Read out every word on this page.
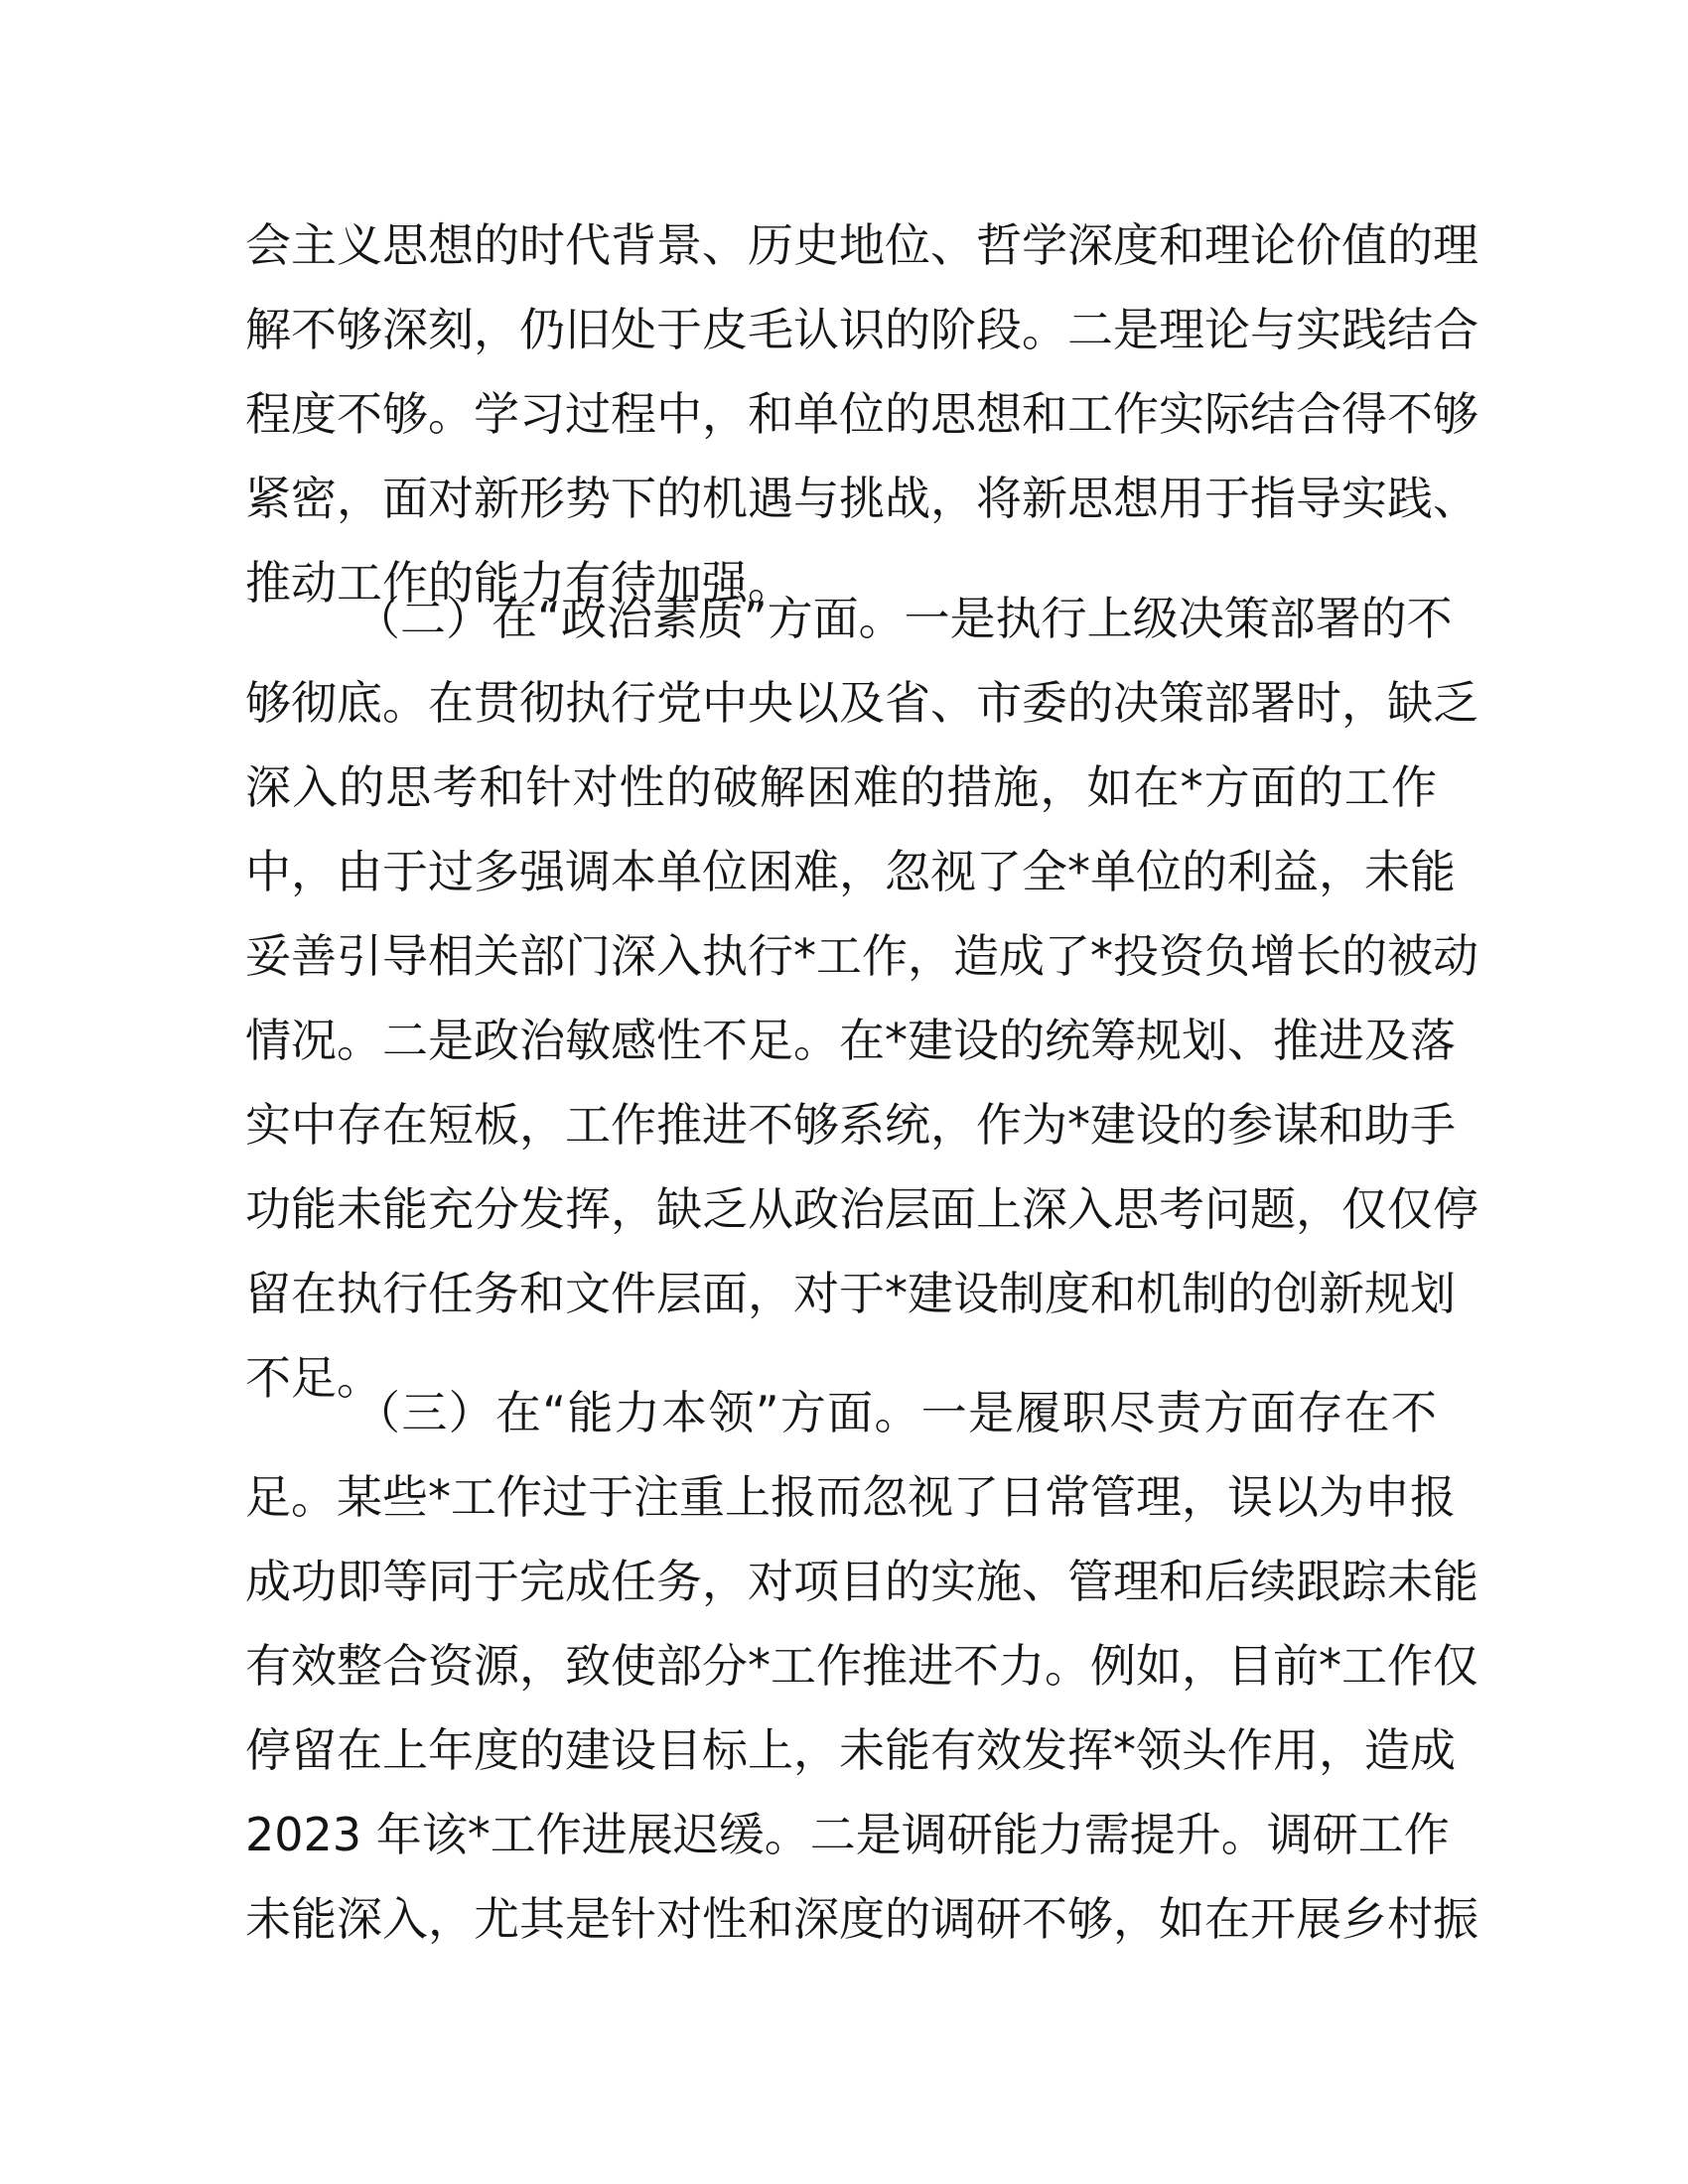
会主义思想的时代背景、历史地位、哲学深度和理论价值的理
解不够深刻，仍旧处于皮毛认识的阶段。二是理论与实践结合
程度不够。学习过程中，和单位的思想和工作实际结合得不够
紧密，面对新形势下的机遇与挑战，将新思想用于指导实践、
推动工作的能力有待加强。
（二）在“政治素质”方面。一是执行上级决策部署的不
够彻底。在贯彻执行党中央以及省、市委的决策部署时，缺乏
深入的思考和针对性的破解困难的措施，如在*方面的工作
中，由于过多强调本单位困难，忽视了全*单位的利益，未能
妥善引导相关部门深入执行*工作，造成了*投资负增长的被动
情况。二是政治敏感性不足。在*建设的统筹规划、推进及落
实中存在短板，工作推进不够系统，作为*建设的参谋和助手
功能未能充分发挥，缺乏从政治层面上深入思考问题，仅仅停
留在执行任务和文件层面，对于*建设制度和机制的创新规划
不足。
（三）在“能力本领”方面。一是履职尽责方面存在不
足。某些*工作过于注重上报而忽视了日常管理，误以为申报
成功即等同于完成任务，对项目的实施、管理和后续跟踪未能
有效整合资源，致使部分*工作推进不力。例如，目前*工作仅
停留在上年度的建设目标上，未能有效发挥*领头作用，造成
2023 年该*工作进展迟缓。二是调研能力需提升。调研工作
未能深入，尤其是针对性和深度的调研不够，如在开展乡村振
